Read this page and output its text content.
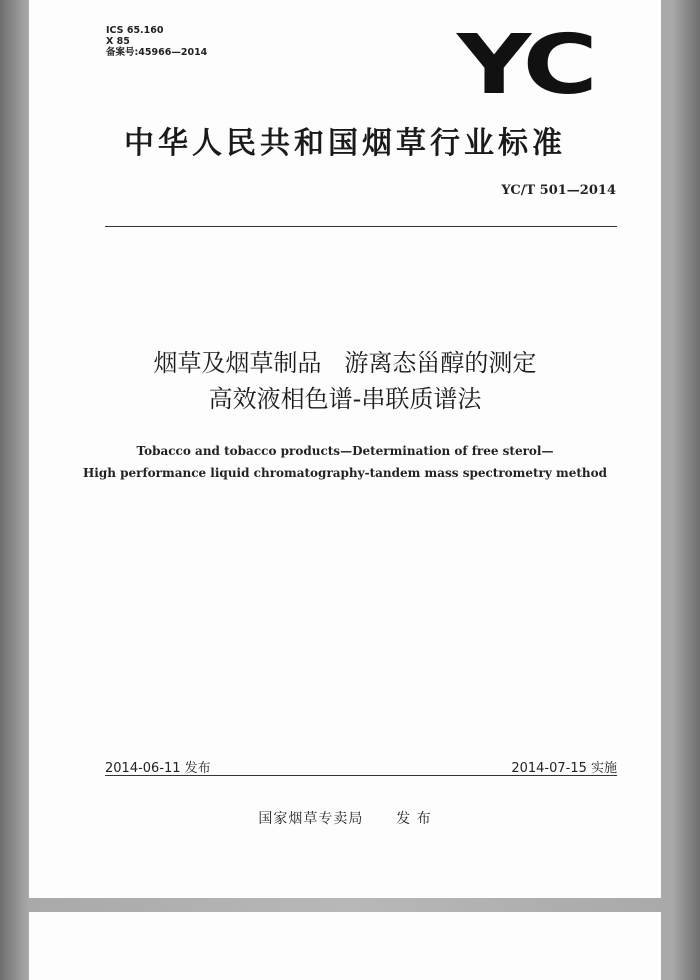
ICS 65.160
X 85
备案号:45966—2014	YC
中华人民共和国烟草行业标准
YC/T 501—2014
烟草及烟草制品   游离态甾醇的测定
高效液相色谱-串联质谱法
Tobacco and tobacco products—Determination of free sterol—
High performance liquid chromatography-tandem mass spectrometry method
2014-06-11 发布	2014-07-15 实施
国家烟草专卖局 发 布
